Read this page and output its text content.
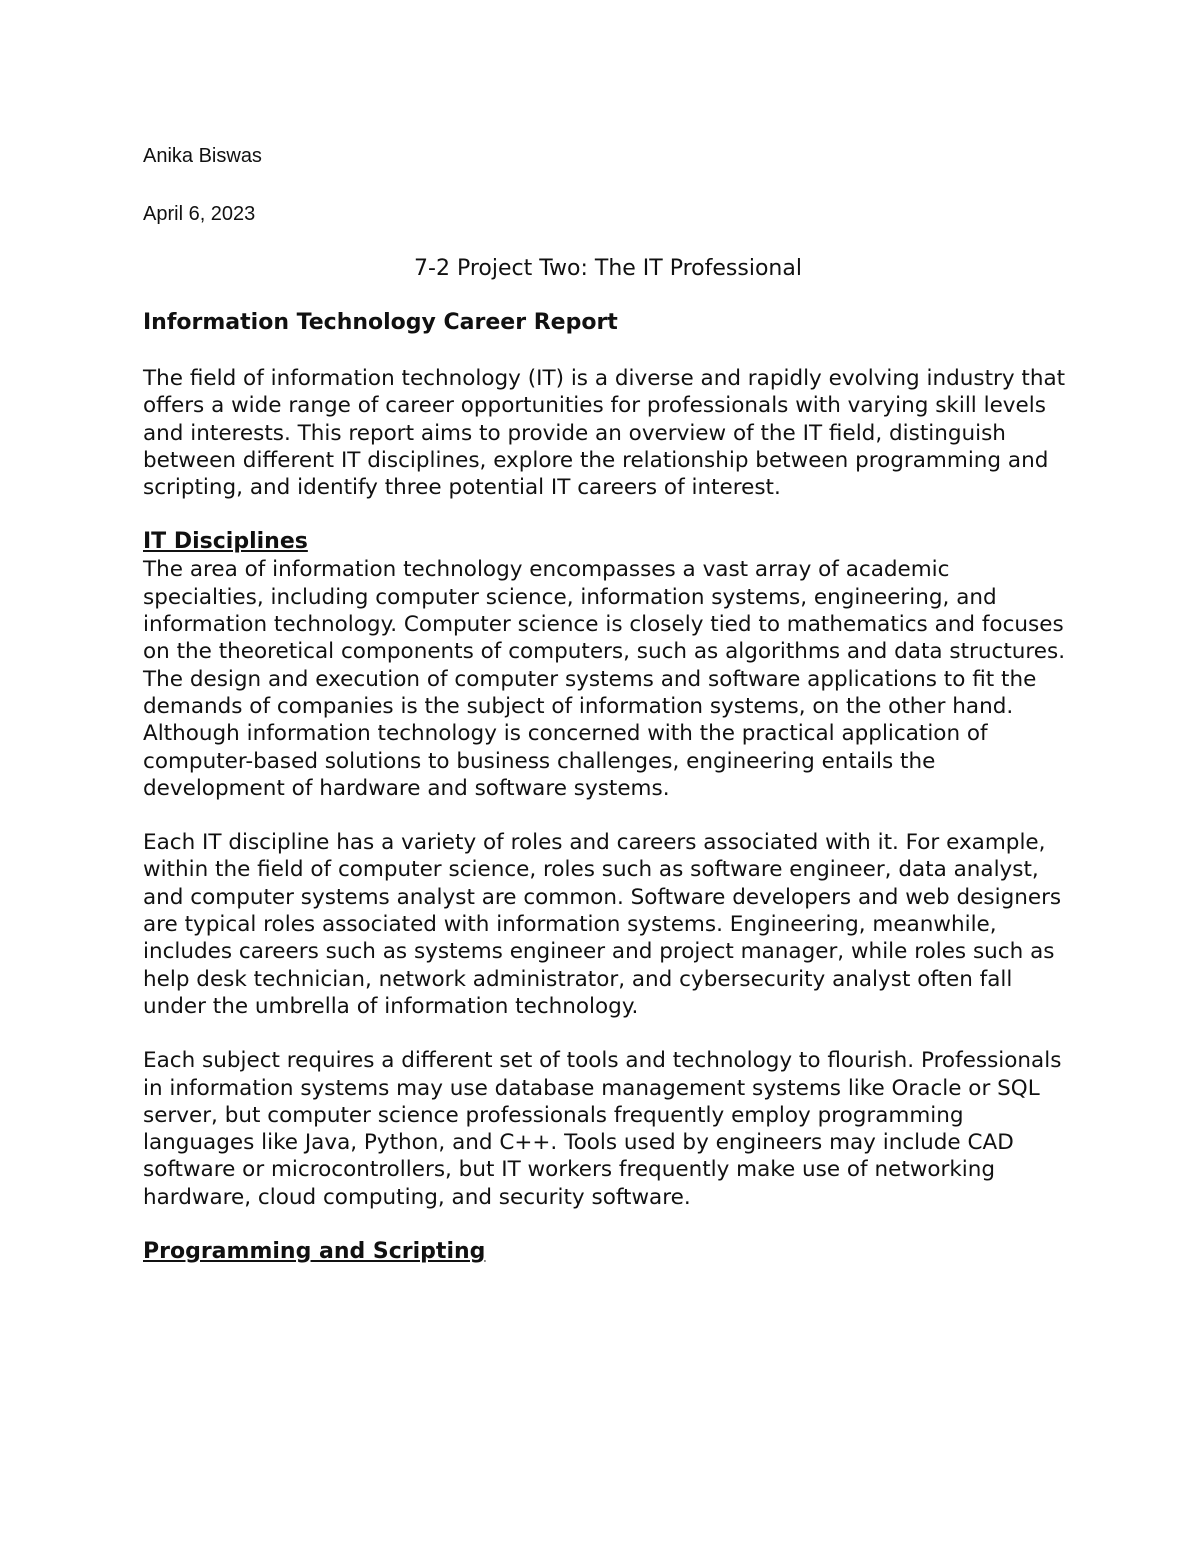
Anika Biswas

April 6, 2023

7-2 Project Two: The IT Professional

Information Technology Career Report

The field of information technology (IT) is a diverse and rapidly evolving industry that offers a wide range of career opportunities for professionals with varying skill levels and interests. This report aims to provide an overview of the IT field, distinguish between different IT disciplines, explore the relationship between programming and scripting, and identify three potential IT careers of interest.

IT Disciplines

The area of information technology encompasses a vast array of academic specialties, including computer science, information systems, engineering, and information technology. Computer science is closely tied to mathematics and focuses on the theoretical components of computers, such as algorithms and data structures. The design and execution of computer systems and software applications to fit the demands of companies is the subject of information systems, on the other hand. Although information technology is concerned with the practical application of computer-based solutions to business challenges, engineering entails the development of hardware and software systems.

Each IT discipline has a variety of roles and careers associated with it. For example, within the field of computer science, roles such as software engineer, data analyst, and computer systems analyst are common. Software developers and web designers are typical roles associated with information systems. Engineering, meanwhile, includes careers such as systems engineer and project manager, while roles such as help desk technician, network administrator, and cybersecurity analyst often fall under the umbrella of information technology.

Each subject requires a different set of tools and technology to flourish. Professionals in information systems may use database management systems like Oracle or SQL server, but computer science professionals frequently employ programming languages like Java, Python, and C++. Tools used by engineers may include CAD software or microcontrollers, but IT workers frequently make use of networking hardware, cloud computing, and security software.

Programming and Scripting
